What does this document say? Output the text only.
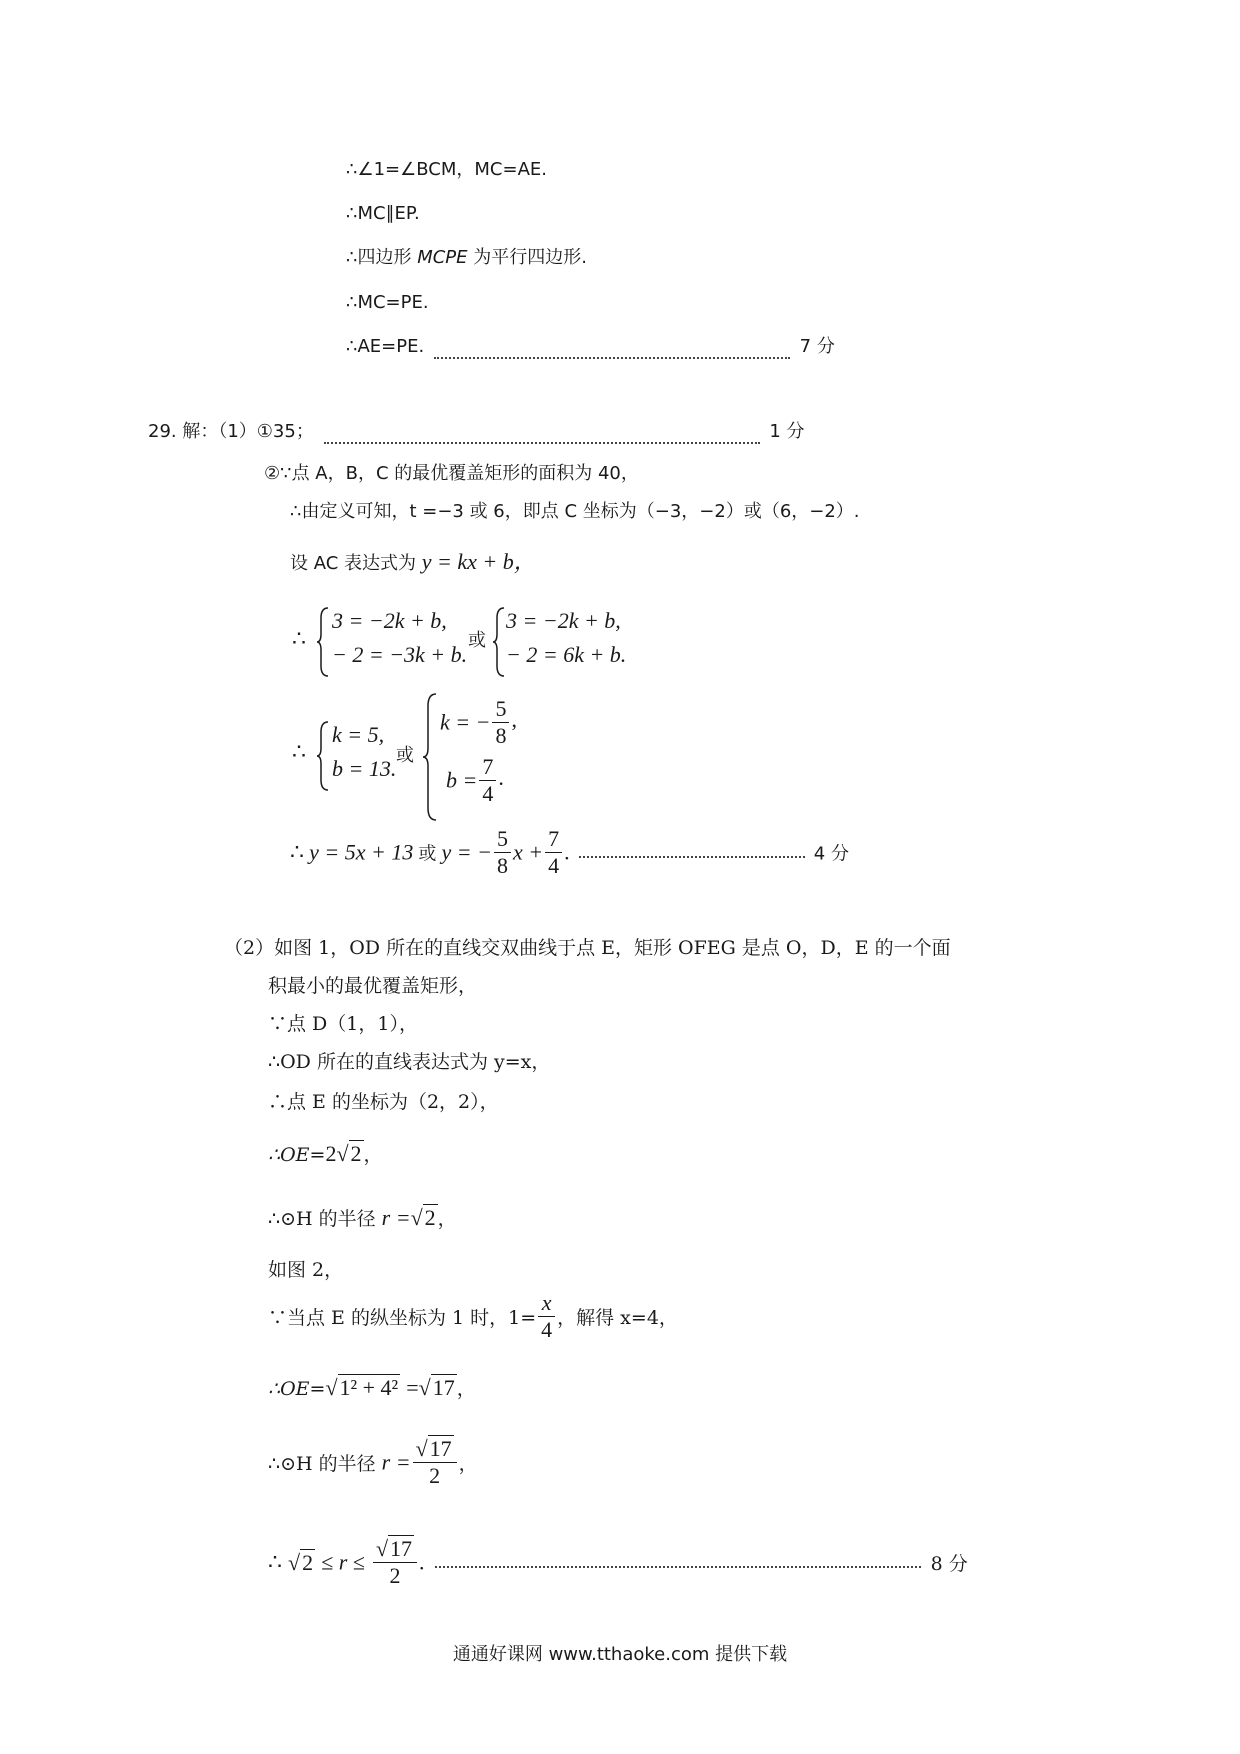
∴∠1=∠BCM，MC=AE.
∴MC∥EP.
∴四边形 MCPE 为平行四边形.
∴MC=PE.
∴AE=PE.	7 分
29. 解：（1）①35；	1 分
②∵点 A，B，C 的最优覆盖矩形的面积为 40，
∴由定义可知，t =−3 或 6，即点 C 坐标为（−3，−2）或（6，−2）.
设 AC 表达式为 y = kx + b，
∴
3 = −2k + b,
− 2 = −3k + b.
或
3 = −2k + b,
− 2 = 6k + b.
∴
k = 5,
b = 13.
或
k = − $\frac{5}{8}$ ,
$b = \frac{7}{4}$ .
∴ y = 5x + 13 或 y = − $\frac{5}{8}$ $x + \frac{7}{4}$ .	4 分
（2）如图 1，OD 所在的直线交双曲线于点 E，矩形 OFEG 是点 O，D，E 的一个面
积最小的最优覆盖矩形，
∵点 D（1，1），
∴OD 所在的直线表达式为 y=x，
∴点 E 的坐标为（2，2），
∴OE=2√2 ，
∴⊙H 的半径 r =√2 ，
如图 2，
∵当点 E 的纵坐标为 1 时，$1= \frac{x}{4}$ ，解得 x=4，
∴OE=√1² + 4² =√17 ，
∴⊙H 的半径 $r = \frac{√17}{2}$ ，
∴ $√2 \le r \le \frac{√17}{2}$ .	8 分
通通好课网 www.tthaoke.com 提供下载
